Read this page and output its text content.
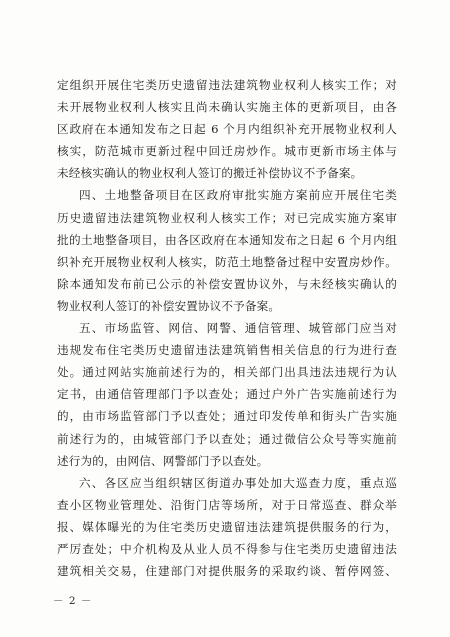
定组织开展住宅类历史遗留违法建筑物业权利人核实工作；对
未开展物业权利人核实且尚未确认实施主体的更新项目，由各
区政府在本通知发布之日起 6 个月内组织补充开展物业权利人
核实，防范城市更新过程中回迁房炒作。城市更新市场主体与
未经核实确认的物业权利人签订的搬迁补偿协议不予备案。
四、土地整备项目在区政府审批实施方案前应开展住宅类
历史遗留违法建筑物业权利人核实工作；对已完成实施方案审
批的土地整备项目，由各区政府在本通知发布之日起 6 个月内组
织补充开展物业权利人核实，防范土地整备过程中安置房炒作。
除本通知发布前已公示的补偿安置协议外，与未经核实确认的
物业权利人签订的补偿安置协议不予备案。
五、市场监管、网信、网警、通信管理、城管部门应当对
违规发布住宅类历史遗留违法建筑销售相关信息的行为进行查
处。通过网站实施前述行为的，相关部门出具违法违规行为认
定书，由通信管理部门予以查处；通过户外广告实施前述行为
的，由市场监管部门予以查处；通过印发传单和街头广告实施
前述行为的，由城管部门予以查处；通过微信公众号等实施前
述行为的，由网信、网警部门予以查处。
六、各区应当组织辖区街道办事处加大巡查力度，重点巡
查小区物业管理处、沿街门店等场所，对于日常巡查、群众举
报、媒体曝光的为住宅类历史遗留违法建筑提供服务的行为，
严厉查处；中介机构及从业人员不得参与住宅类历史遗留违法
建筑相关交易，住建部门对提供服务的采取约谈、暂停网签、
－ 2 －
